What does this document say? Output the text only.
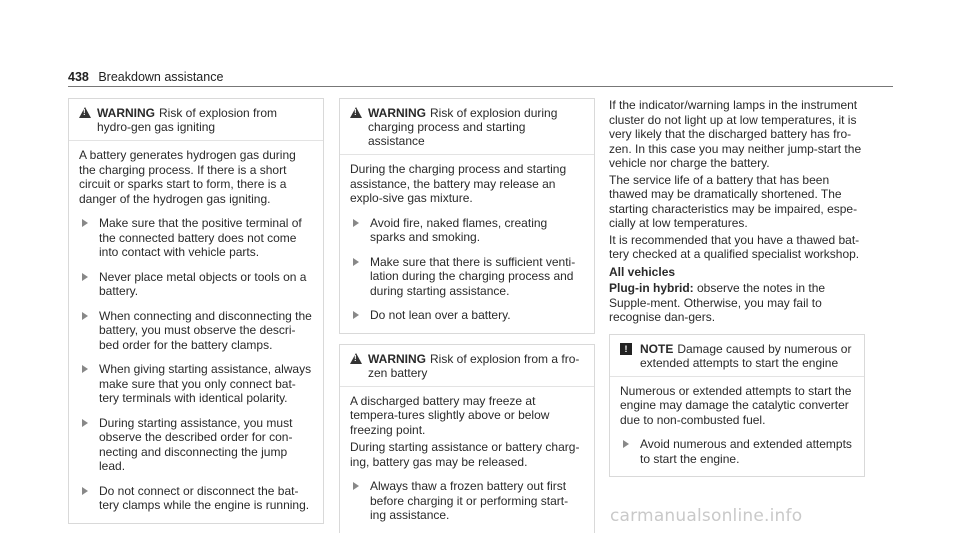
438 Breakdown assistance
!
WARNING Risk of explosion from hydro-gen gas igniting

A battery generates hydrogen gas during the charging process. If there is a short circuit or sparks start to form, there is a danger of the hydrogen gas igniting.

Make sure that the positive terminal of the connected battery does not come into contact with vehicle parts.
Never place metal objects or tools on a battery.
When connecting and disconnecting the battery, you must observe the descri-bed order for the battery clamps.
When giving starting assistance, always make sure that you only connect bat-tery terminals with identical polarity.
During starting assistance, you must observe the described order for con-necting and disconnecting the jump lead.
Do not connect or disconnect the bat-tery clamps while the engine is running.
!
WARNING Risk of explosion during charging process and starting assistance

During the charging process and starting assistance, the battery may release an explo-sive gas mixture.

Avoid fire, naked flames, creating sparks and smoking.
Make sure that there is sufficient venti-lation during the charging process and during starting assistance.
Do not lean over a battery.
!
WARNING Risk of explosion from a fro-zen battery

A discharged battery may freeze at tempera-tures slightly above or below freezing point.

During starting assistance or battery charg-ing, battery gas may be released.

Always thaw a frozen battery out first before charging it or performing start-ing assistance.

If the indicator/warning lamps in the instrument cluster do not light up at low temperatures, it is very likely that the discharged battery has fro-zen. In this case you may neither jump-start the vehicle nor charge the battery.

The service life of a battery that has been thawed may be dramatically shortened. The starting characteristics may be impaired, espe-cially at low temperatures.

It is recommended that you have a thawed bat-tery checked at a qualified specialist workshop.

All vehicles

Plug-in hybrid: observe the notes in the Supple-ment. Otherwise, you may fail to recognise dan-gers.

!	NOTE Damage caused by numerous or extended attempts to start the engine

Numerous or extended attempts to start the engine may damage the catalytic converter due to non-combusted fuel.

Avoid numerous and extended attempts to start the engine.
carmanualsonline.info
